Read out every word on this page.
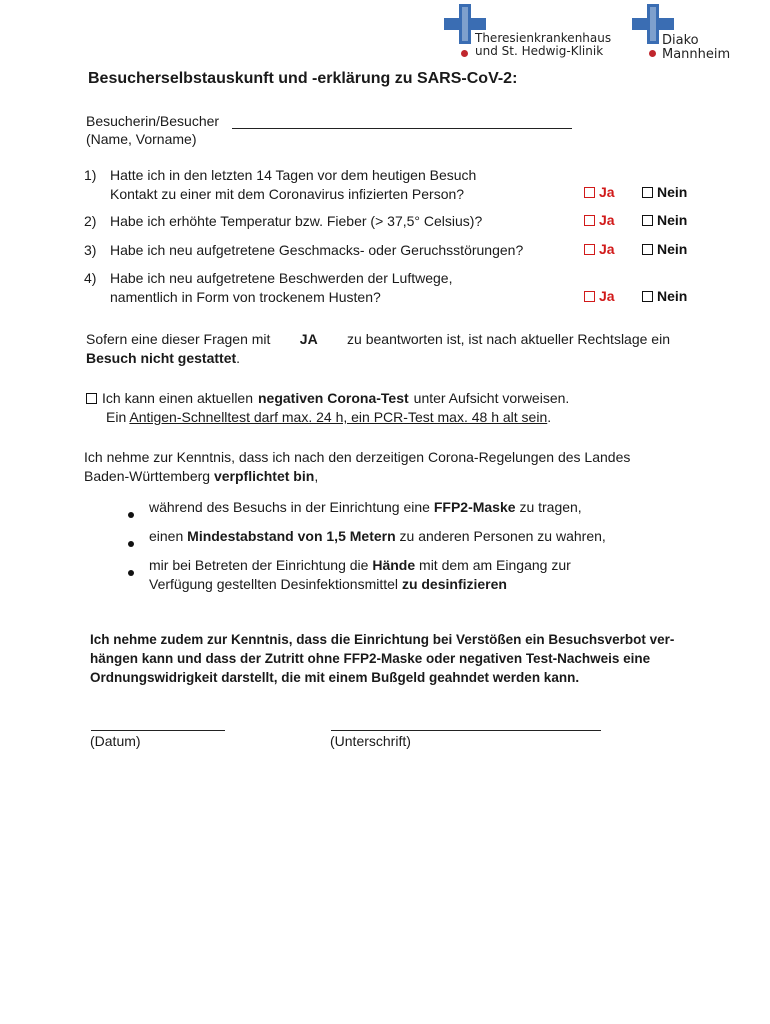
Theresienkrankenhaus
und St. Hedwig-Klinik
Diako
Mannheim
Besucherselbstauskunft und -erklärung zu SARS-CoV-2:
Besucherin/Besucher
(Name, Vorname)
1) Hatte ich in den letzten 14 Tagen vor dem heutigen Besuch
Kontakt zu einer mit dem Coronavirus infizierten Person?	Ja	Nein
2) Habe ich erhöhte Temperatur bzw. Fieber (> 37,5° Celsius)?	Ja	Nein
3) Habe ich neu aufgetretene Geschmacks- oder Geruchsstörungen?	Ja	Nein
4) Habe ich neu aufgetretene Beschwerden der Luftwege,
namentlich in Form von trockenem Husten?	Ja	Nein
Sofern eine dieser Fragen mit JA zu beantworten ist, ist nach aktueller Rechtslage ein
Besuch nicht gestattet.
Ich kann einen aktuellen negativen Corona-Test unter Aufsicht vorweisen.
Ein Antigen-Schnelltest darf max. 24 h, ein PCR-Test max. 48 h alt sein.
Ich nehme zur Kenntnis, dass ich nach den derzeitigen Corona-Regelungen des Landes
Baden-Württemberg verpflichtet bin,
während des Besuchs in der Einrichtung eine FFP2-Maske zu tragen,
einen Mindestabstand von 1,5 Metern zu anderen Personen zu wahren,
mir bei Betreten der Einrichtung die Hände mit dem am Eingang zur
Verfügung gestellten Desinfektionsmittel zu desinfizieren
Ich nehme zudem zur Kenntnis, dass die Einrichtung bei Verstößen ein Besuchsverbot ver-
hängen kann und dass der Zutritt ohne FFP2-Maske oder negativen Test-Nachweis eine
Ordnungswidrigkeit darstellt, die mit einem Bußgeld geahndet werden kann.
(Datum)	(Unterschrift)
